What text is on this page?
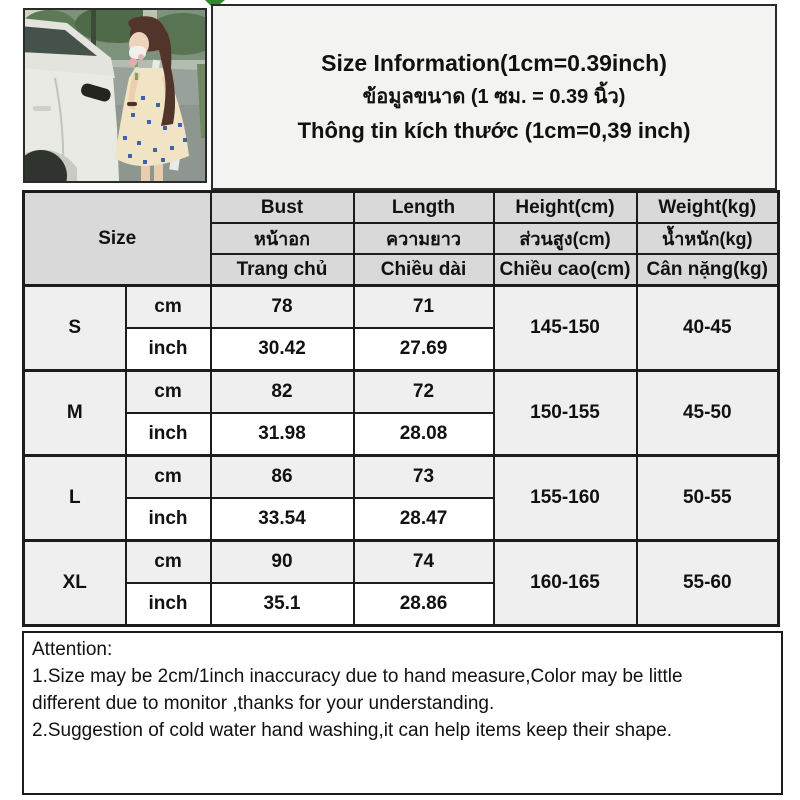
Size Information(1cm=0.39inch)
ข้อมูลขนาด (1 ซม. = 0.39 นิ้ว)
Thông tin kích thước (1cm=0,39 inch)
Size		Bust	Length	Height(cm)	Weight(kg)
		หน้าอก	ความยาว	ส่วนสูง(cm)	น้ำหนัก(kg)
		Trang chủ	Chiều dài	Chiều cao(cm)	Cân nặng(kg)
S	cm	78	71	145-150	40-45
	inch	30.42	27.69		
M	cm	82	72	150-155	45-50
	inch	31.98	28.08		
L	cm	86	73	155-160	50-55
	inch	33.54	28.47		
XL	cm	90	74	160-165	55-60
	inch	35.1	28.86		
Attention:
1.Size may be 2cm/1inch inaccuracy due to hand measure,Color may be little
different due to monitor ,thanks for your understanding.
2.Suggestion of cold water hand washing,it can help items keep their shape.
